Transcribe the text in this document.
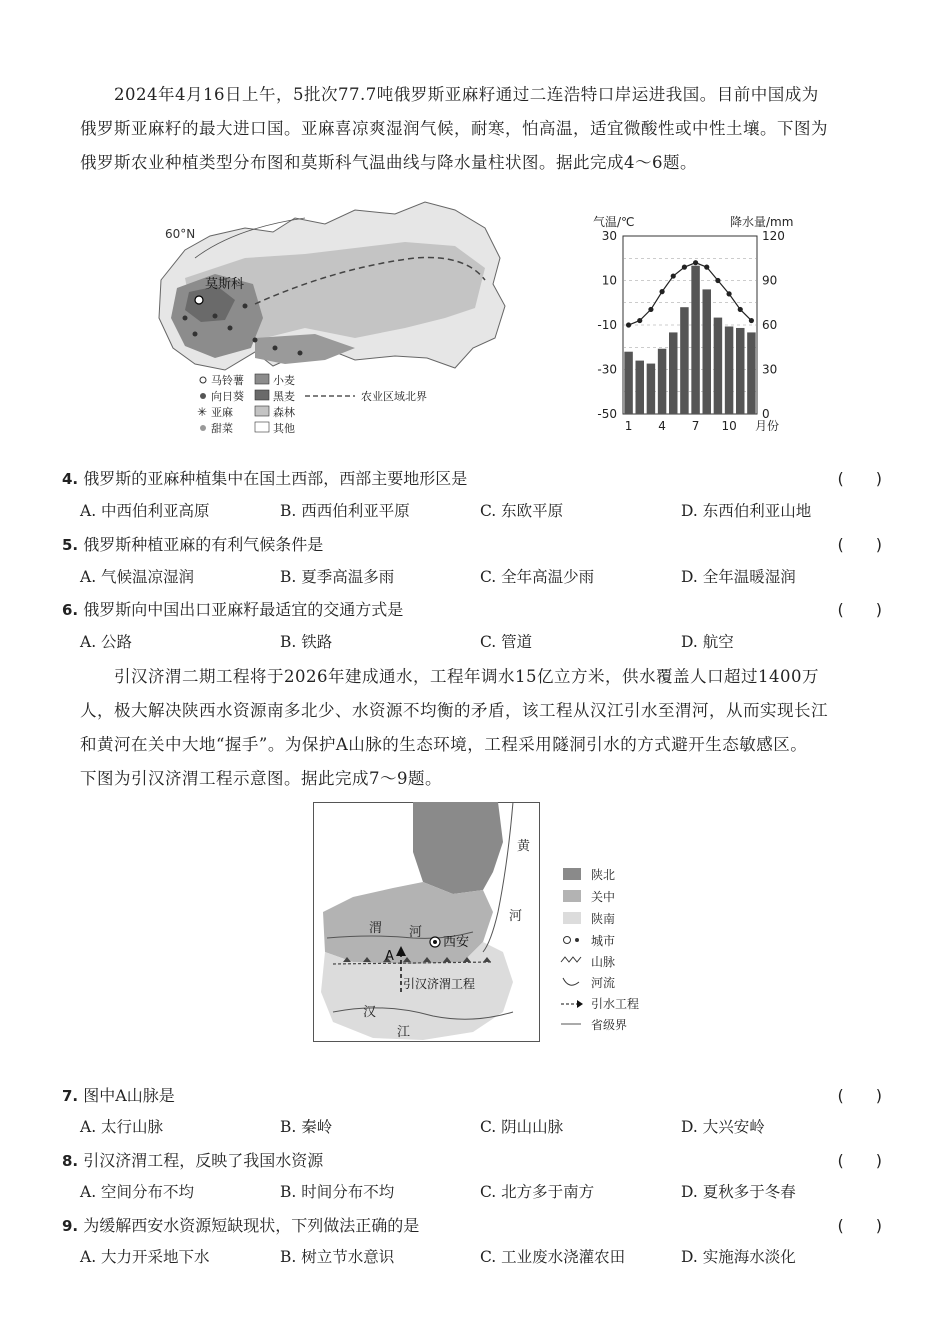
2024年4月16日上午，5批次77.7吨俄罗斯亚麻籽通过二连浩特口岸运进我国。目前中国成为
俄罗斯亚麻籽的最大进口国。亚麻喜凉爽湿润气候，耐寒，怕高温，适宜微酸性或中性土壤。下图为
俄罗斯农业种植类型分布图和莫斯科气温曲线与降水量柱状图。据此完成4～6题。
60°N
莫斯科
马铃薯
向日葵
✳ 亚麻
甜菜
小麦
黑麦
森林
其他
农业区域北界
气温/℃	降水量/mm
30
10
-10
-30
-50
120
90
60
30
0
1 4 7 10 月份
4. 俄罗斯的亚麻种植集中在国土西部，西部主要地形区是	(　　)
A. 中西伯利亚高原	B. 西西伯利亚平原	C. 东欧平原	D. 东西伯利亚山地
5. 俄罗斯种植亚麻的有利气候条件是	(　　)
A. 气候温凉湿润	B. 夏季高温多雨	C. 全年高温少雨	D. 全年温暖湿润
6. 俄罗斯向中国出口亚麻籽最适宜的交通方式是	(　　)
A. 公路	B. 铁路	C. 管道	D. 航空
引汉济渭二期工程将于2026年建成通水，工程年调水15亿立方米，供水覆盖人口超过1400万
人，极大解决陕西水资源南多北少、水资源不均衡的矛盾，该工程从汉江引水至渭河，从而实现长江
和黄河在关中大地“握手”。为保护A山脉的生态环境，工程采用隧洞引水的方式避开生态敏感区。
下图为引汉济渭工程示意图。据此完成7～9题。
西安
黄
河
渭 河
A
引汉济渭工程
汉
江
陕北
关中
陕南
城市
山脉
河流
引水工程
省级界
7. 图中A山脉是	(　　)
A. 太行山脉	B. 秦岭	C. 阴山山脉	D. 大兴安岭
8. 引汉济渭工程，反映了我国水资源	(　　)
A. 空间分布不均	B. 时间分布不均	C. 北方多于南方	D. 夏秋多于冬春
9. 为缓解西安水资源短缺现状，下列做法正确的是	(　　)
A. 大力开采地下水	B. 树立节水意识	C. 工业废水浇灌农田	D. 实施海水淡化
